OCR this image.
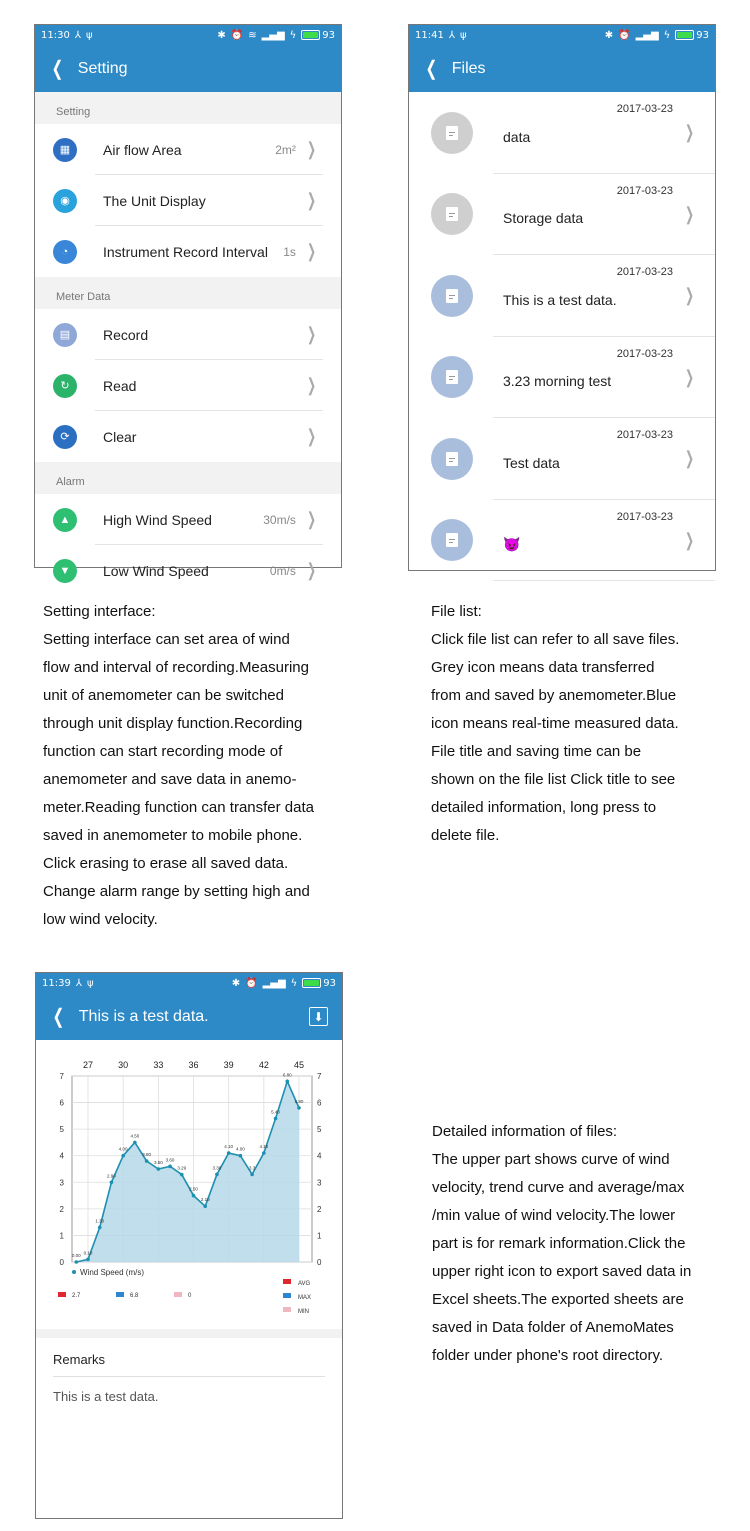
11:30 ⅄ ψ	✱ ⏰ ≋ ▂▄▆ ϟ	93
❮ Setting
Setting
▦	Air flow Area	2m² ❯
◉	The Unit Display	❯
◔	Instrument Record Interval	1s ❯
Meter Data
▤	Record	❯
↻	Read	❯
⟳	Clear	❯
Alarm
▲	High Wind Speed	30m/s ❯
▼	Low Wind Speed	0m/s ❯
11:41 ⅄ ψ	✱ ⏰ ▂▄▆ ϟ	93
❮ Files
data
2017-03-23
❯
Storage data
2017-03-23
❯
This is a test data.
2017-03-23
❯
3.23 morning test
2017-03-23
❯
Test data
2017-03-23
❯
😈
2017-03-23
❯
11:39 ⅄ ψ	✱ ⏰ ▂▄▆ ϟ	93
❮ This is a test data.	⬇
0	0
1	1
2	2
3	3
4	4
5	5
6	6
7	7
27	30	33	36	39	42	45
0.00
0.10
1.30
2.90
4.00
4.50
3.80
3.50
3.60
3.29
2.50
2.10
3.30
4.10
4.00
3.3
4.10
5.40
6.80
5.80
Wind Speed (m/s)
AVG
MAX
MIN
2.7	6.8	0
Remarks
This is a test data.

Setting interface:
Setting interface can set area of wind
flow and interval of recording.Measuring
unit of anemometer can be switched
through unit display function.Recording
function can start recording mode of
anemometer and save data in anemo-
meter.Reading function can transfer data
saved in anemometer to mobile phone.
Click erasing to erase all saved data.
Change alarm range by setting high and
low wind velocity.

File list:
Click file list can refer to all save files.
Grey icon means data transferred
from and saved by anemometer.Blue
icon means real-time measured data.
File title and saving time can be
shown on the file list Click title to see
detailed information, long press to
delete file.

Detailed information of files:
The upper part shows curve of wind
velocity, trend curve and average/max
/min value of wind velocity.The lower
part is for remark information.Click the
upper right icon to export saved data in
Excel sheets.The exported sheets are
saved in Data folder of AnemoMates
folder under phone's root directory.
